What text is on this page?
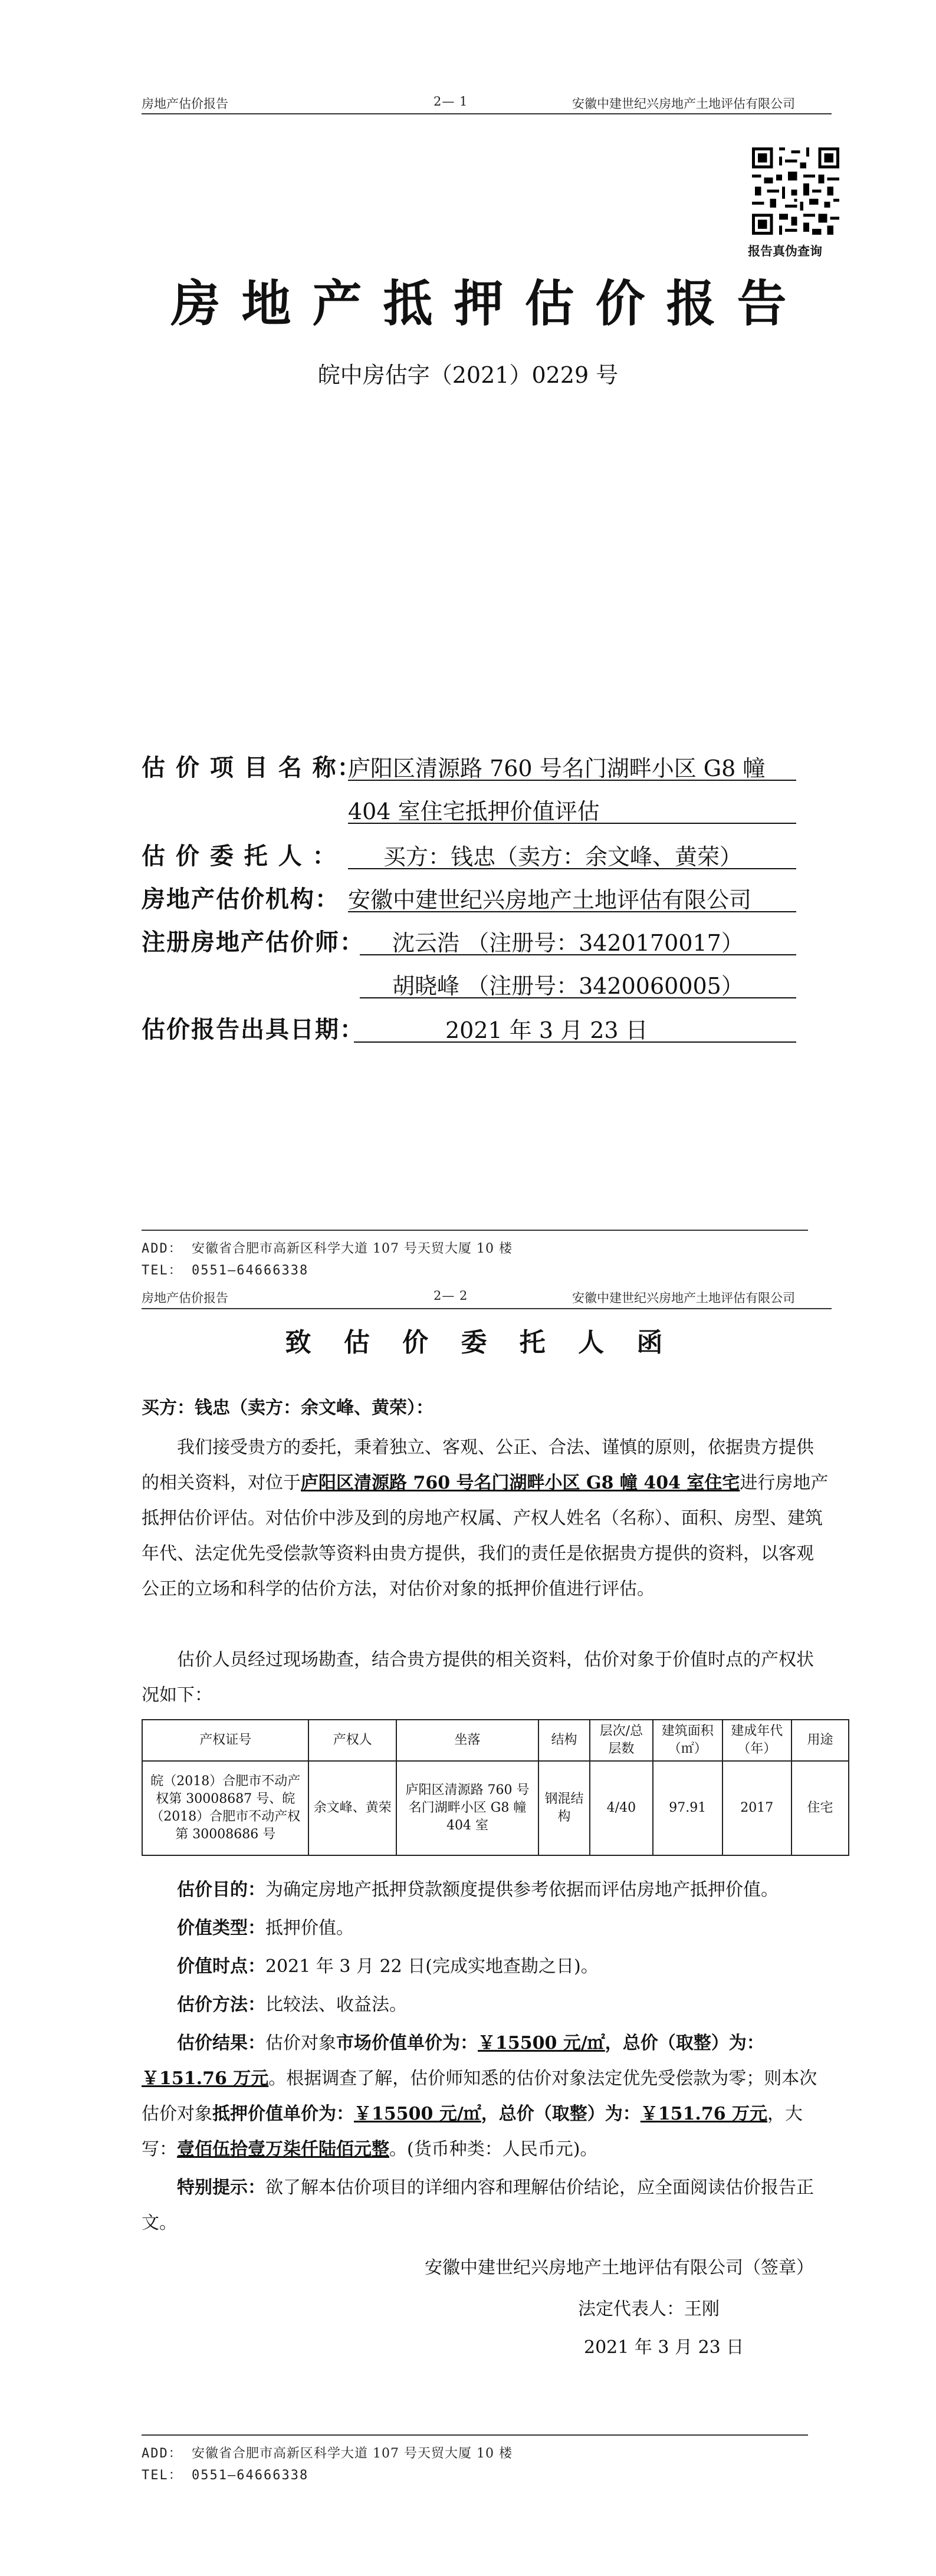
房地产估价报告	2— 1	安徽中建世纪兴房地产土地评估有限公司
报告真伪查询
房地产抵押估价报告
皖中房估字（2021）0229 号
估 价 项 目 名 称：
庐阳区清源路 760 号名门湖畔小区 G8 幢
404 室住宅抵押价值评估
估 价 委 托 人 ： 买方：钱忠（卖方：余文峰、黄荣）
房地产估价机构： 安徽中建世纪兴房地产土地评估有限公司
注册房地产估价师： 沈云浩 （注册号：3420170017）
胡晓峰 （注册号：3420060005）
估价报告出具日期：	2021 年 3 月 23 日
ADD： 安徽省合肥市高新区科学大道 107 号天贸大厦 10 楼
TEL： 0551—64666338
房地产估价报告	2— 2	安徽中建世纪兴房地产土地评估有限公司
致 估 价 委 托 人 函
买方：钱忠（卖方：余文峰、黄荣）：
我们接受贵方的委托，秉着独立、客观、公正、合法、谨慎的原则，依据贵方提供的相关资料，对位于庐阳区清源路 760 号名门湖畔小区 G8 幢 404 室住宅进行房地产抵押估价评估。对估价中涉及到的房地产权属、产权人姓名（名称）、面积、房型、建筑年代、法定优先受偿款等资料由贵方提供，我们的责任是依据贵方提供的资料，以客观公正的立场和科学的估价方法，对估价对象的抵押价值进行评估。
估价人员经过现场勘查，结合贵方提供的相关资料，估价对象于价值时点的产权状况如下：
产权证号	产权人	坐落	结构	层次/总层数	建筑面积（㎡）	建成年代（年）	用途
皖（2018）合肥市不动产权第 30008687 号、皖（2018）合肥市不动产权第 30008686 号	余文峰、黄荣	庐阳区清源路 760 号名门湖畔小区 G8 幢 404 室	钢混结构	4/40	97.91	2017	住宅
估价目的：为确定房地产抵押贷款额度提供参考依据而评估房地产抵押价值。
价值类型：抵押价值。
价值时点：2021 年 3 月 22 日(完成实地查勘之日)。
估价方法：比较法、收益法。
估价结果：估价对象市场价值单价为：￥15500 元/㎡，总价（取整）为：￥151.76 万元。根据调查了解，估价师知悉的估价对象法定优先受偿款为零；则本次估价对象抵押价值单价为：￥15500 元/㎡，总价（取整）为：￥151.76 万元，大写：壹佰伍拾壹万柒仟陆佰元整。(货币种类：人民币元)。
特别提示：欲了解本估价项目的详细内容和理解估价结论，应全面阅读估价报告正文。
安徽中建世纪兴房地产土地评估有限公司（签章）
法定代表人：王刚
2021 年 3 月 23 日
ADD： 安徽省合肥市高新区科学大道 107 号天贸大厦 10 楼
TEL： 0551—64666338
